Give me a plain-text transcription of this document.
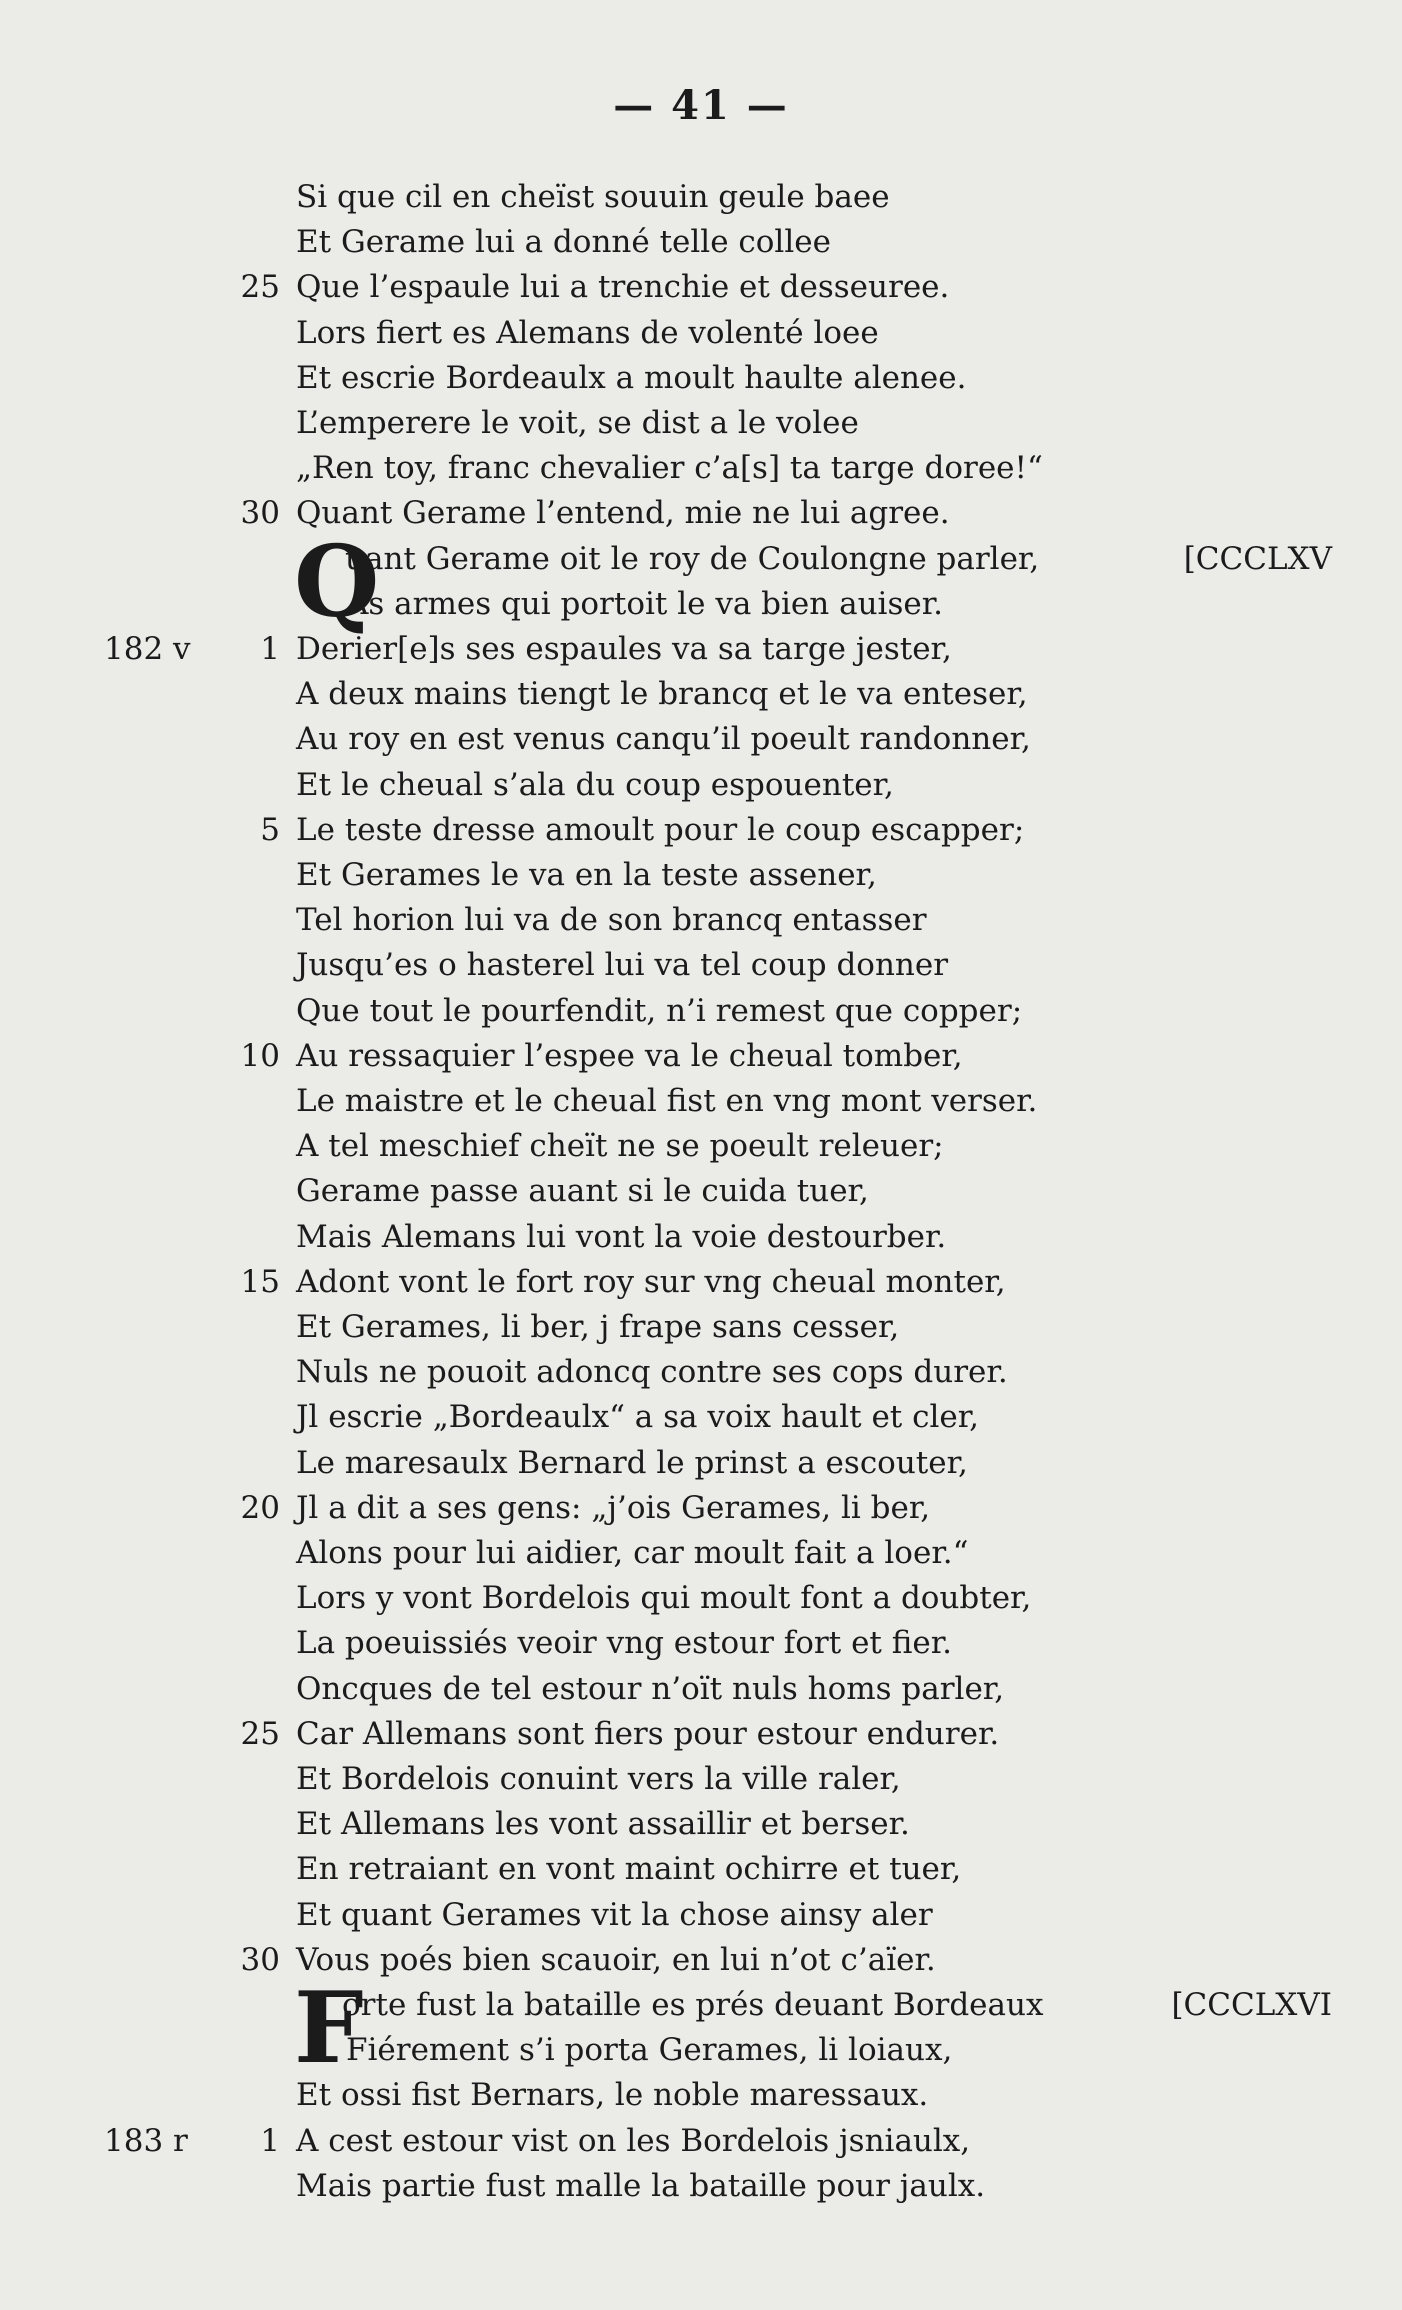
— 41 —
Si que cil en cheïst souuin geule baee
Et Gerame lui a donné telle collee
25 Que l’espaule lui a trenchie et desseuree.
Lors fiert es Alemans de volenté loee
Et escrie Bordeaulx a moult haulte alenee.
L’emperere le voit, se dist a le volee
„Ren toy, franc chevalier c’a[s] ta targe doree!“
30 Quant Gerame l’entend, mie ne lui agree.
Q
uant Gerame oit le roy de Coulongne parler,	[CCCLXV
As armes qui portoit le va bien auiser.
182 v 1 Derier[e]s ses espaules va sa targe jester,
A deux mains tiengt le brancq et le va enteser,
Au roy en est venus canqu’il poeult randonner,
Et le cheual s’ala du coup espouenter,
5 Le teste dresse amoult pour le coup escapper;
Et Gerames le va en la teste assener,
Tel horion lui va de son brancq entasser
Jusqu’es o hasterel lui va tel coup donner
Que tout le pourfendit, n’i remest que copper;
10 Au ressaquier l’espee va le cheual tomber,
Le maistre et le cheual fist en vng mont verser.
A tel meschief cheït ne se poeult releuer;
Gerame passe auant si le cuida tuer,
Mais Alemans lui vont la voie destourber.
15 Adont vont le fort roy sur vng cheual monter,
Et Gerames, li ber, j frape sans cesser,
Nuls ne pouoit adoncq contre ses cops durer.
Jl escrie „Bordeaulx“ a sa voix hault et cler,
Le maresaulx Bernard le prinst a escouter,
20 Jl a dit a ses gens: „j’ois Gerames, li ber,
Alons pour lui aidier, car moult fait a loer.“
Lors y vont Bordelois qui moult font a doubter,
La poeuissiés veoir vng estour fort et fier.
Oncques de tel estour n’oït nuls homs parler,
25 Car Allemans sont fiers pour estour endurer.
Et Bordelois conuint vers la ville raler,
Et Allemans les vont assaillir et berser.
En retraiant en vont maint ochirre et tuer,
Et quant Gerames vit la chose ainsy aler
30 Vous poés bien scauoir, en lui n’ot c’aïer.
F
orte fust la bataille es prés deuant Bordeaux	[CCCLXVI
Fiérement s’i porta Gerames, li loiaux,
Et ossi fist Bernars, le noble maressaux.
183 r 1 A cest estour vist on les Bordelois jsniaulx,
Mais partie fust malle la bataille pour jaulx.
